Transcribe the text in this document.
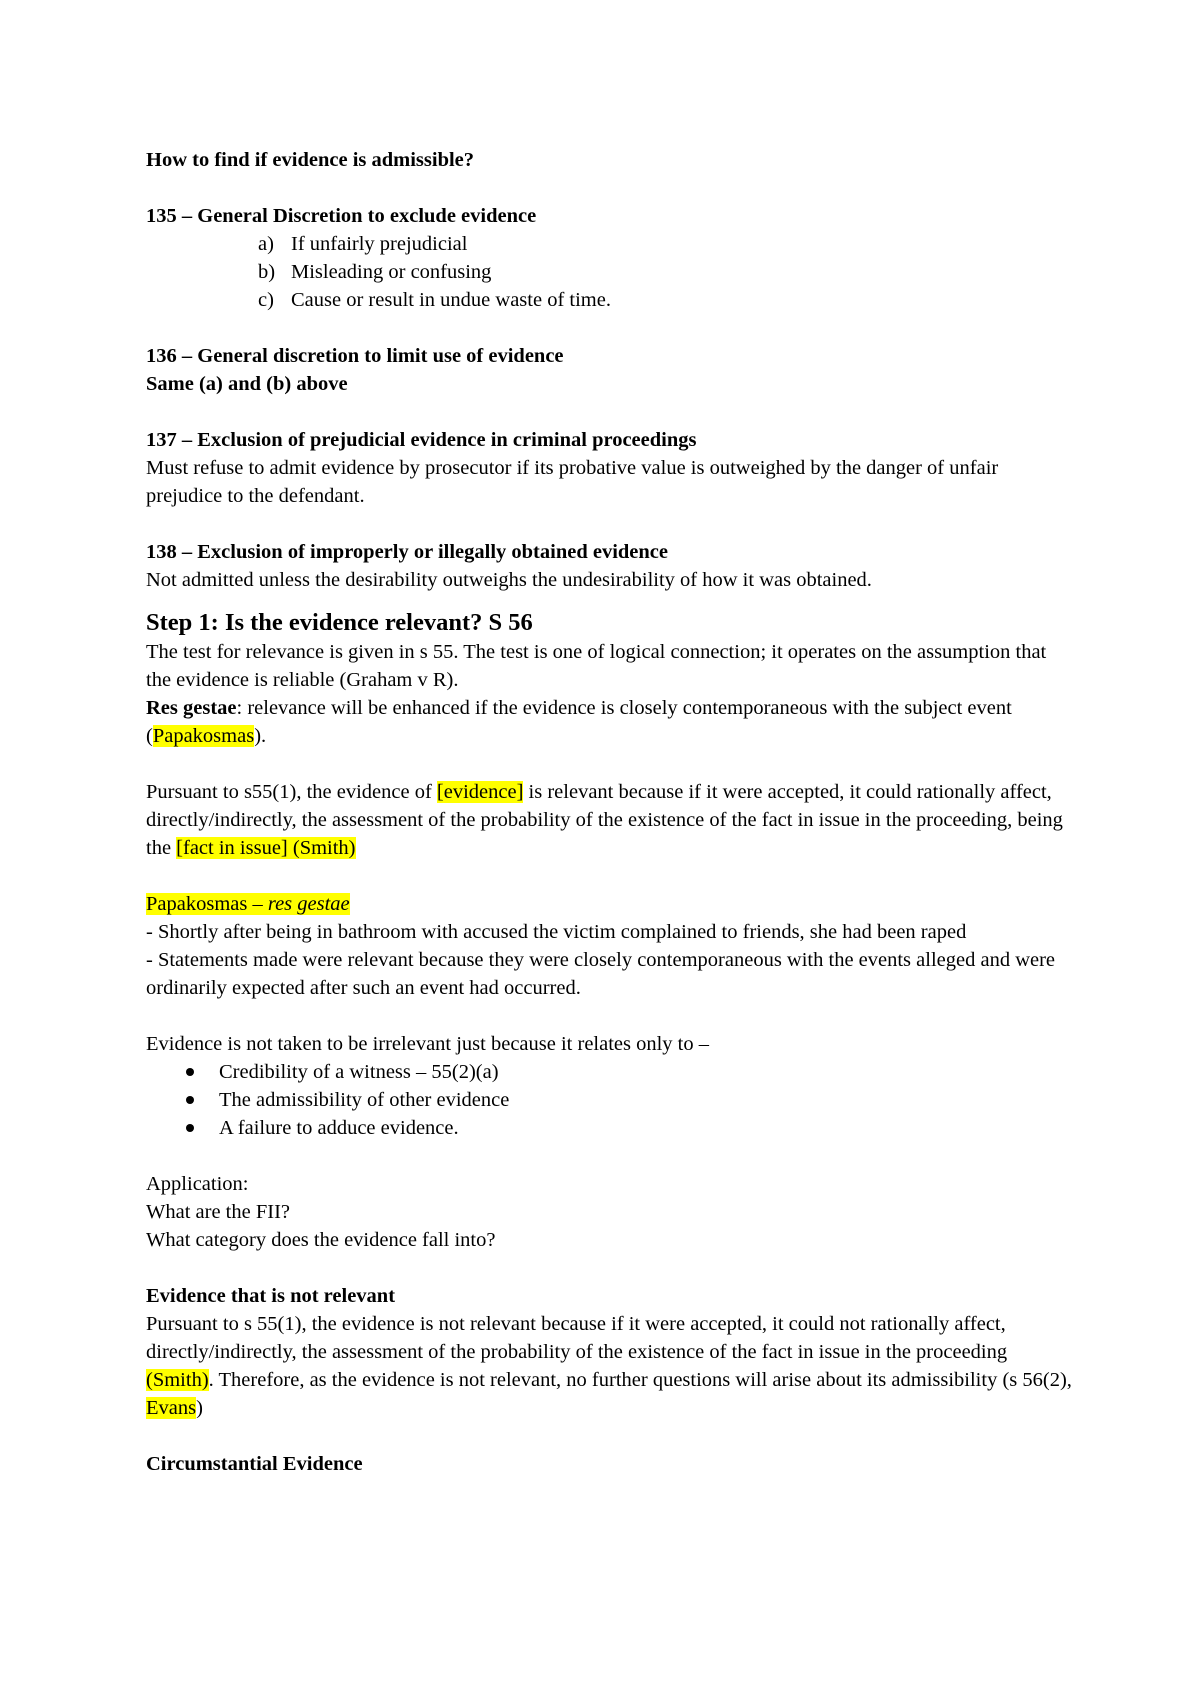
How to find if evidence is admissible?

135 – General Discretion to exclude evidence

a) If unfairly prejudicial
b) Misleading or confusing
c) Cause or result in undue waste of time.

136 – General discretion to limit use of evidence

Same (a) and (b) above

137 – Exclusion of prejudicial evidence in criminal proceedings

Must refuse to admit evidence by prosecutor if its probative value is outweighed by the danger of unfair prejudice to the defendant.

138 – Exclusion of improperly or illegally obtained evidence

Not admitted unless the desirability outweighs the undesirability of how it was obtained.

Step 1: Is the evidence relevant? S 56

The test for relevance is given in s 55. The test is one of logical connection; it operates on the assumption that the evidence is reliable (Graham v R).

Res gestae: relevance will be enhanced if the evidence is closely contemporaneous with the subject event (Papakosmas).

Pursuant to s55(1), the evidence of [evidence] is relevant because if it were accepted, it could rationally affect, directly/indirectly, the assessment of the probability of the existence of the fact in issue in the proceeding, being the [fact in issue] (Smith)

Papakosmas – res gestae

- Shortly after being in bathroom with accused the victim complained to friends, she had been raped

- Statements made were relevant because they were closely contemporaneous with the events alleged and were ordinarily expected after such an event had occurred.

Evidence is not taken to be irrelevant just because it relates only to –

Credibility of a witness – 55(2)(a)
The admissibility of other evidence
A failure to adduce evidence.

Application:

What are the FII?

What category does the evidence fall into?

Evidence that is not relevant

Pursuant to s 55(1), the evidence is not relevant because if it were accepted, it could not rationally affect, directly/indirectly, the assessment of the probability of the existence of the fact in issue in the proceeding (Smith). Therefore, as the evidence is not relevant, no further questions will arise about its admissibility (s 56(2), Evans)

Circumstantial Evidence
